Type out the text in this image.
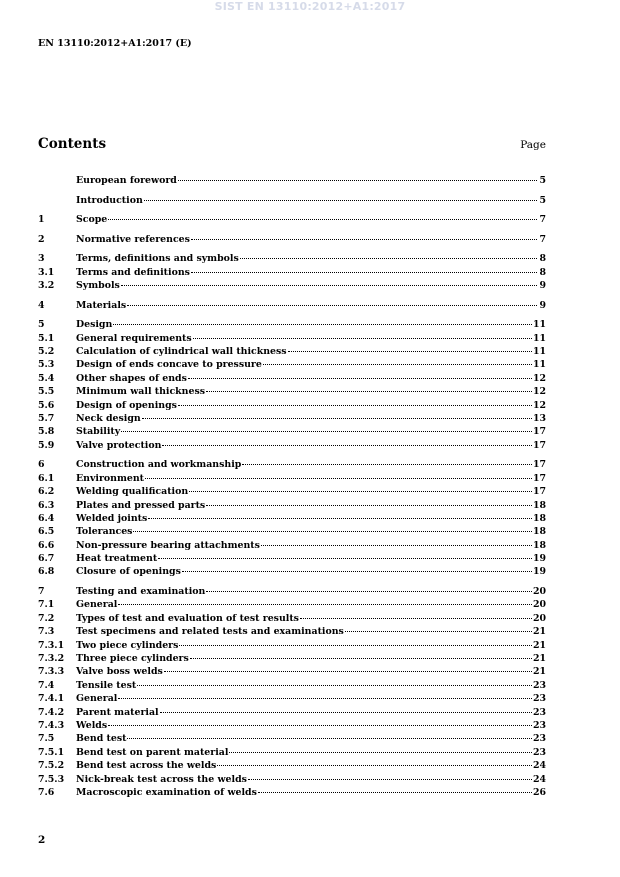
SIST EN 13110:2012+A1:2017
EN 13110:2012+A1:2017 (E)
Contents	Page
European foreword	5
Introduction	5
1	Scope	7
2	Normative references	7
3	Terms, definitions and symbols	8
3.1	Terms and definitions	8
3.2	Symbols	9
4	Materials	9
5	Design	11
5.1	General requirements	11
5.2	Calculation of cylindrical wall thickness	11
5.3	Design of ends concave to pressure	11
5.4	Other shapes of ends	12
5.5	Minimum wall thickness	12
5.6	Design of openings	12
5.7	Neck design	13
5.8	Stability	17
5.9	Valve protection	17
6	Construction and workmanship	17
6.1	Environment	17
6.2	Welding qualification	17
6.3	Plates and pressed parts	18
6.4	Welded joints	18
6.5	Tolerances	18
6.6	Non-pressure bearing attachments	18
6.7	Heat treatment	19
6.8	Closure of openings	19
7	Testing and examination	20
7.1	General	20
7.2	Types of test and evaluation of test results	20
7.3	Test specimens and related tests and examinations	21
7.3.1	Two piece cylinders	21
7.3.2	Three piece cylinders	21
7.3.3	Valve boss welds	21
7.4	Tensile test	23
7.4.1	General	23
7.4.2	Parent material	23
7.4.3	Welds	23
7.5	Bend test	23
7.5.1	Bend test on parent material	23
7.5.2	Bend test across the welds	24
7.5.3	Nick-break test across the welds	24
7.6	Macroscopic examination of welds	26
2
